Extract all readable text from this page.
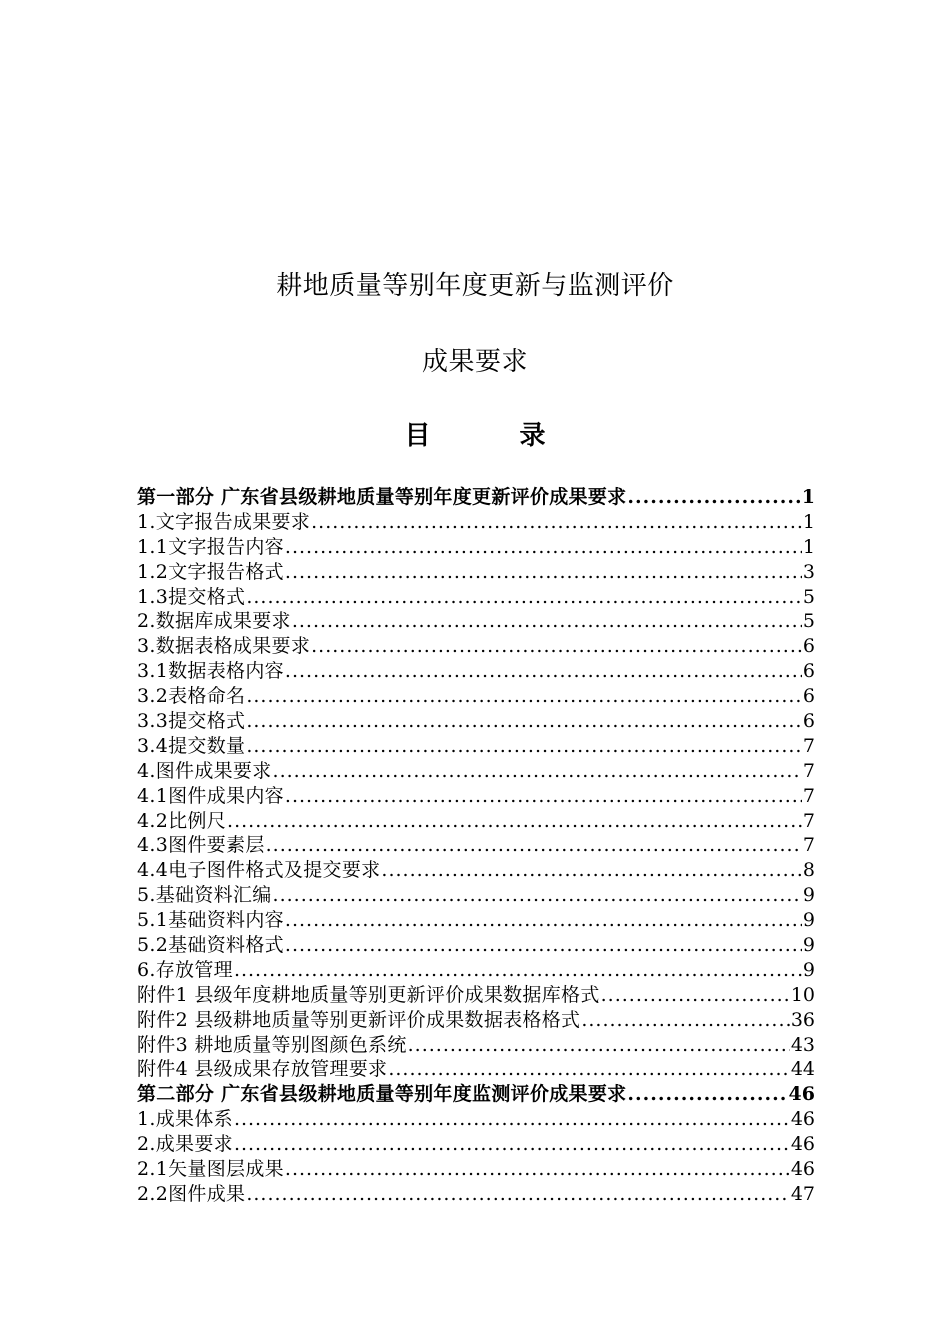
耕地质量等别年度更新与监测评价
成果要求
目 录
第一部分 广东省县级耕地质量等别年度更新评价成果要求 .....	1
1.文字报告成果要求 .....	1
1.1文字报告内容 .....	1
1.2文字报告格式 .....	3
1.3提交格式 .....	5
2.数据库成果要求 .....	5
3.数据表格成果要求 .....	6
3.1数据表格内容 .....	6
3.2表格命名 .....	6
3.3提交格式 .....	6
3.4提交数量 .....	7
4.图件成果要求 .....	7
4.1图件成果内容 .....	7
4.2比例尺 .....	7
4.3图件要素层 .....	7
4.4电子图件格式及提交要求 .....	8
5.基础资料汇编 .....	9
5.1基础资料内容 .....	9
5.2基础资料格式 .....	9
6.存放管理 .....	9
附件1 县级年度耕地质量等别更新评价成果数据库格式 .....	10
附件2 县级耕地质量等别更新评价成果数据表格格式 .....	36
附件3 耕地质量等别图颜色系统 .....	43
附件4 县级成果存放管理要求 .....	44
第二部分 广东省县级耕地质量等别年度监测评价成果要求 .....	46
1.成果体系 .....	46
2.成果要求 .....	46
2.1矢量图层成果 .....	46
2.2图件成果 .....	47
